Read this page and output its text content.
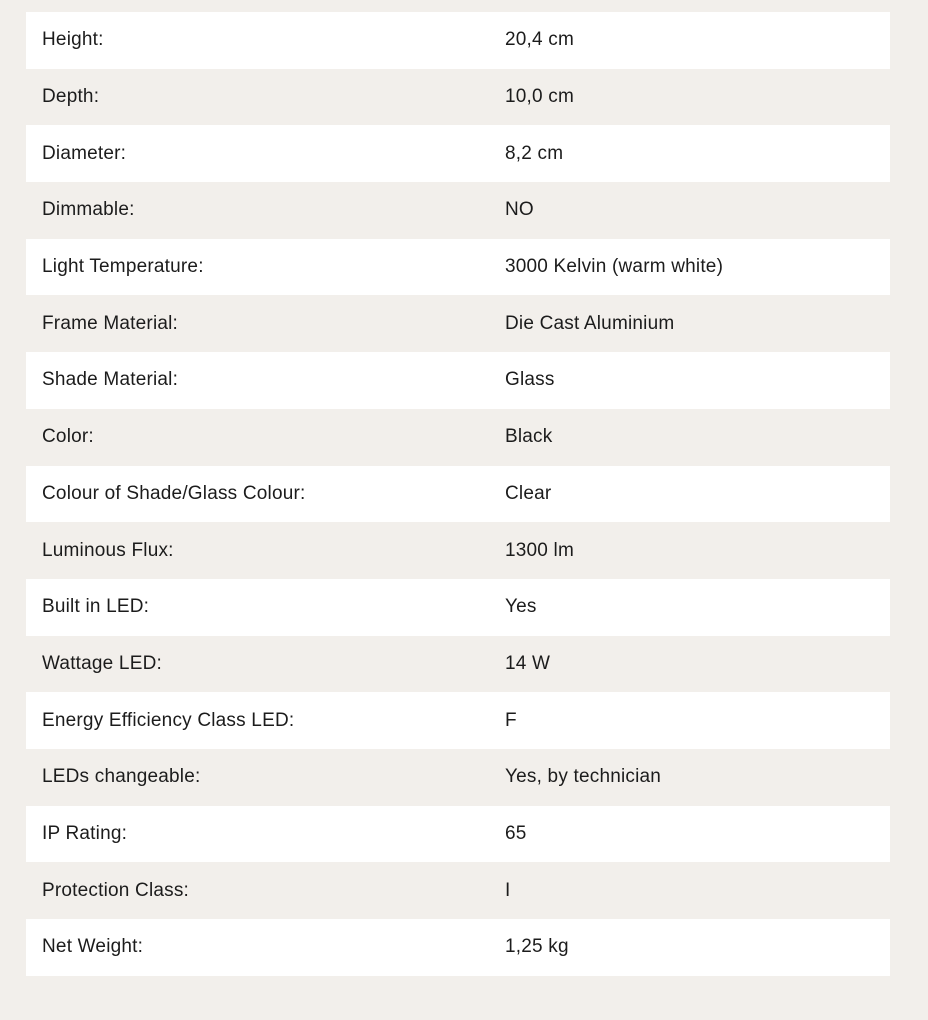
Height:	20,4 cm
Depth:	10,0 cm
Diameter:	8,2 cm
Dimmable:	NO
Light Temperature:	3000 Kelvin (warm white)
Frame Material:	Die Cast Aluminium
Shade Material:	Glass
Color:	Black
Colour of Shade/Glass Colour:	Clear
Luminous Flux:	1300 lm
Built in LED:	Yes
Wattage LED:	14 W
Energy Efficiency Class LED:	F
LEDs changeable:	Yes, by technician
IP Rating:	65
Protection Class:	I
Net Weight:	1,25 kg
